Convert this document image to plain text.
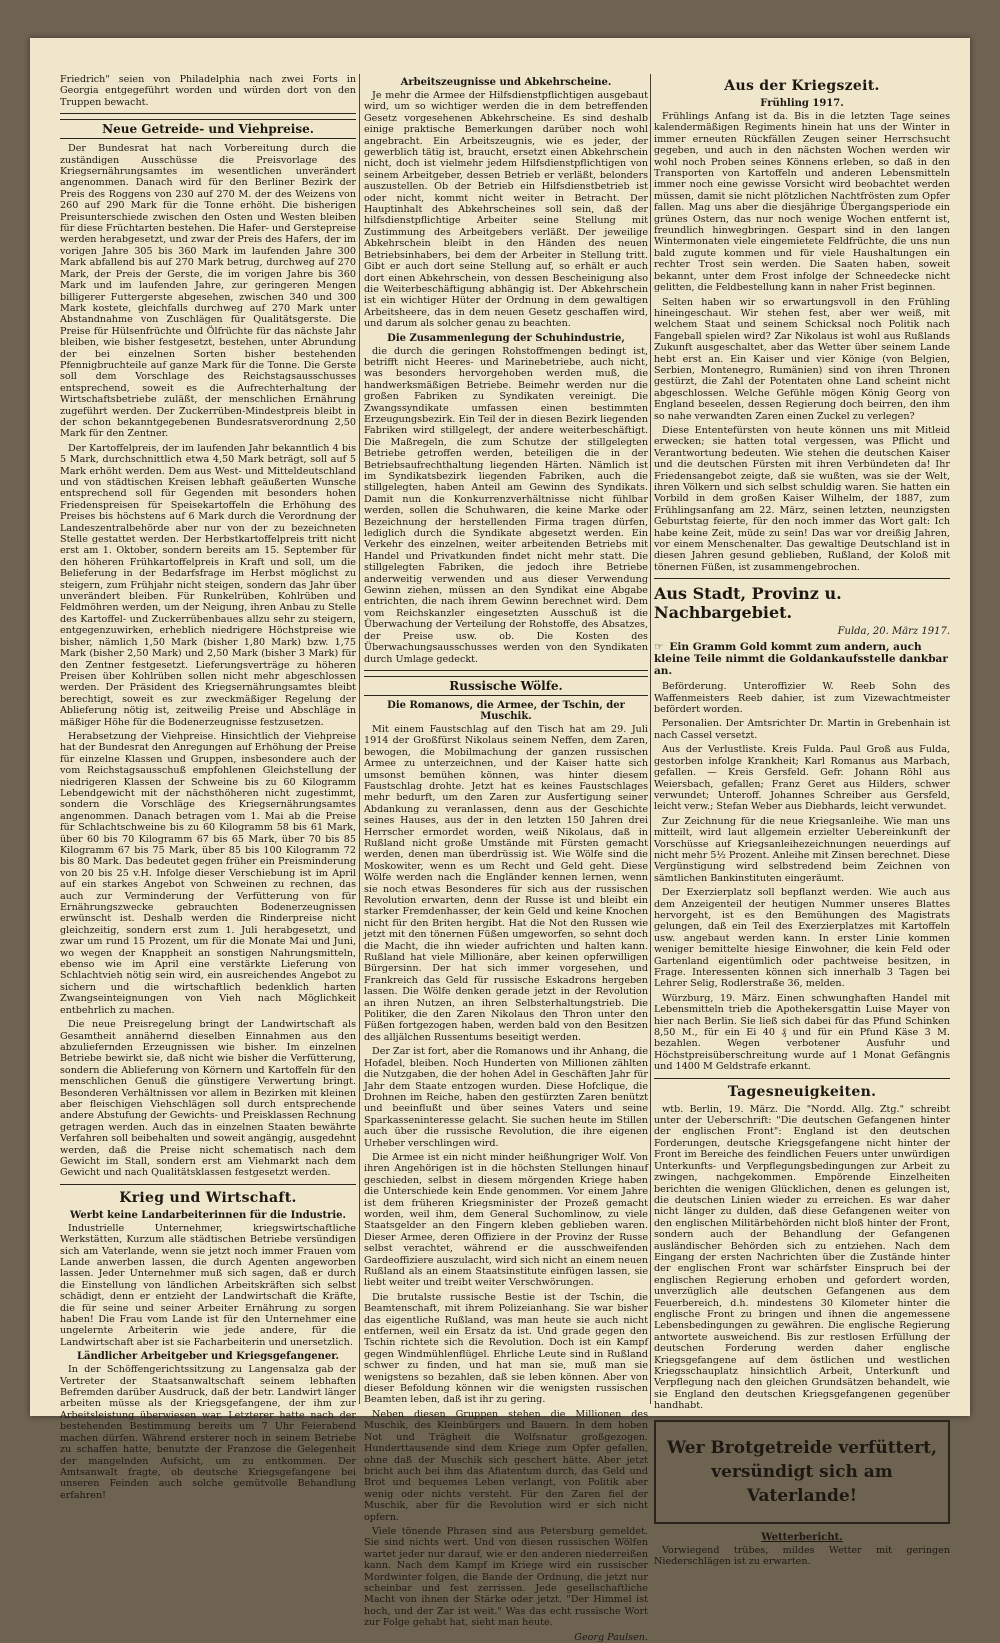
Friedrich" seien von Philadelphia nach zwei Forts in Georgia entgegeführt worden und würden dort von den Truppen bewacht.

Neue Getreide- und Viehpreise.

Der Bundesrat hat nach Vorbereitung durch die zuständigen Ausschüsse die Preisvorlage des Kriegsernährungsamtes im wesentlichen unverändert angenommen. Danach wird für den Berliner Bezirk der Preis des Roggens von 230 auf 270 M. der des Weizens von 260 auf 290 Mark für die Tonne erhöht. Die bisherigen Preisunterschiede zwischen den Osten und Westen bleiben für diese Früchtarten bestehen. Die Hafer- und Gerstepreise werden herabgesetzt, und zwar der Preis des Hafers, der im vorigen Jahre 305 bis 360 Mark im laufenden Jahre 300 Mark abfallend bis auf 270 Mark betrug, durchweg auf 270 Mark, der Preis der Gerste, die im vorigen Jahre bis 360 Mark und im laufenden Jahre, zur geringeren Mengen billigerer Futtergerste abgesehen, zwischen 340 und 300 Mark kostete, gleichfalls durchweg auf 270 Mark unter Abstandnahme von Zuschlägen für Qualitätsgerste. Die Preise für Hülsenfrüchte und Ölfrüchte für das nächste Jahr bleiben, wie bisher festgesetzt, bestehen, unter Abrundung der bei einzelnen Sorten bisher bestehenden Pfennigbruchteile auf ganze Mark für die Tonne. Die Gerste soll dem Vorschlage des Reichstagsausschusses entsprechend, soweit es die Aufrechterhaltung der Wirtschaftsbetriebe zuläßt, der menschlichen Ernährung zugeführt werden. Der Zuckerrüben-Mindestpreis bleibt in der schon bekanntgegebenen Bundesratsverordnung 2,50 Mark für den Zentner.

Der Kartoffelpreis, der im laufenden Jahr bekanntlich 4 bis 5 Mark, durchschnittlich etwa 4,50 Mark beträgt, soll auf 5 Mark erhöht werden. Dem aus West- und Mitteldeutschland und von städtischen Kreisen lebhaft geäußerten Wunsche entsprechend soll für Gegenden mit besonders hohen Friedenspreisen für Speisekartoffeln die Erhöhung des Preises bis höchstens auf 6 Mark durch die Verordnung der Landeszentralbehörde aber nur von der zu bezeichneten Stelle gestattet werden. Der Herbstkartoffelpreis tritt nicht erst am 1. Oktober, sondern bereits am 15. September für den höheren Frühkartoffelpreis in Kraft und soll, um die Belieferung in der Bedarfsfrage im Herbst möglichst zu steigern, zum Frühjahr nicht steigen, sondern das Jahr über unverändert bleiben. Für Runkelrüben, Kohlrüben und Feldmöhren werden, um der Neigung, ihren Anbau zu Stelle des Kartoffel- und Zuckerrübenbaues allzu sehr zu steigern, entgegenzuwirken, erheblich niedrigere Höchstpreise wie bisher, nämlich 1,50 Mark (bisher 1,80 Mark) bzw. 1,75 Mark (bisher 2,50 Mark) und 2,50 Mark (bisher 3 Mark) für den Zentner festgesetzt. Lieferungsverträge zu höheren Preisen über Kohlrüben sollen nicht mehr abgeschlossen werden. Der Präsident des Kriegsernährungsamtes bleibt berechtigt, soweit es zur zweckmäßiger Regelung der Ablieferung nötig ist, zeitweilig Preise und Abschläge in mäßiger Höhe für die Bodenerzeugnisse festzusetzen.

Herabsetzung der Viehpreise. Hinsichtlich der Viehpreise hat der Bundesrat den Anregungen auf Erhöhung der Preise für einzelne Klassen und Gruppen, insbesondere auch der vom Reichstagsausschuß empfohlenen Gleichstellung der niedrigeren Klassen der Schweine bis zu 60 Kilogramm Lebendgewicht mit der nächsthöheren nicht zugestimmt, sondern die Vorschläge des Kriegsernährungsamtes angenommen. Danach betragen vom 1. Mai ab die Preise für Schlachtschweine bis zu 60 Kilogramm 58 bis 61 Mark, über 60 bis 70 Kilogramm 67 bis 65 Mark, über 70 bis 85 Kilogramm 67 bis 75 Mark, über 85 bis 100 Kilogramm 72 bis 80 Mark. Das bedeutet gegen früher ein Preisminderung von 20 bis 25 v.H. Infolge dieser Verschiebung ist im April auf ein starkes Angebot von Schweinen zu rechnen, das auch zur Verminderung der Verfütterung von für Ernährungszwecke gebrauchten Bodenerzeugnissen erwünscht ist. Deshalb werden die Rinderpreise nicht gleichzeitig, sondern erst zum 1. Juli herabgesetzt, und zwar um rund 15 Prozent, um für die Monate Mai und Juni, wo wegen der Knappheit an sonstigen Nahrungsmitteln, ebenso wie im April eine verstärkte Lieferung von Schlachtvieh nötig sein wird, ein ausreichendes Angebot zu sichern und die wirtschaftlich bedenklich harten Zwangseinteignungen von Vieh nach Möglichkeit entbehrlich zu machen.

Die neue Preisregelung bringt der Landwirtschaft als Gesamtheit annähernd dieselben Einnahmen aus den abzuliefernden Erzeugnissen wie bisher. Im einzelnen Betriebe bewirkt sie, daß nicht wie bisher die Verfütterung, sondern die Ablieferung von Körnern und Kartoffeln für den menschlichen Genuß die günstigere Verwertung bringt. Besonderen Verhältnissen vor allem in Bezirken mit kleinen aber fleischigen Viehschlägen soll durch entsprechende andere Abstufung der Gewichts- und Preisklassen Rechnung getragen werden. Auch das in einzelnen Staaten bewährte Verfahren soll beibehalten und soweit angängig, ausgedehnt werden, daß die Preise nicht schematisch nach dem Gewicht im Stall, sondern erst am Viehmarkt nach dem Gewicht und nach Qualitätsklassen festgesetzt werden.

Krieg und Wirtschaft.
Werbt keine Landarbeiterinnen für die Industrie.

Industrielle Unternehmer, kriegswirtschaftliche Werkstätten, Kurzum alle städtischen Betriebe versündigen sich am Vaterlande, wenn sie jetzt noch immer Frauen vom Lande anwerben lassen, die durch Agenten angeworben lassen. Jeder Unternehmer muß sich sagen, daß er durch die Einstellung von ländlichen Arbeitskräften sich selbst schädigt, denn er entzieht der Landwirtschaft die Kräfte, die für seine und seiner Arbeiter Ernährung zu sorgen haben! Die Frau vom Lande ist für den Unternehmer eine ungelernte Arbeiterin wie jede andere, für die Landwirtschaft aber ist sie Facharbeiterin und unersetzlich.

Ländlicher Arbeitgeber und Kriegsgefangener.

In der Schöffengerichtssitzung zu Langensalza gab der Vertreter der Staatsanwaltschaft seinem lebhaften Befremden darüber Ausdruck, daß der betr. Landwirt länger arbeiten müsse als der Kriegsgefangene, der ihm zur Arbeitsleistung überwiesen war. Letzterer hatte nach der bestehenden Bestimmung bereits um 7 Uhr Feierabend machen dürfen. Während ersterer noch in seinem Betriebe zu schaffen hatte, benutzte der Franzose die Gelegenheit der mangelnden Aufsicht, um zu entkommen. Der Amtsanwalt fragte, ob deutsche Kriegsgefangene bei unseren Feinden auch solche gemütvolle Behandlung erfahren!

Arbeitszeugnisse und Abkehrscheine.

Je mehr die Armee der Hilfsdienstpflichtigen ausgebaut wird, um so wichtiger werden die in dem betreffenden Gesetz vorgesehenen Abkehrscheine. Es sind deshalb einige praktische Bemerkungen darüber noch wohl angebracht. Ein Arbeitszeugnis, wie es jeder, der gewerblich tätig ist, braucht, ersetzt einen Abkehrschein nicht, doch ist vielmehr jedem Hilfsdienstpflichtigen von seinem Arbeitgeber, dessen Betrieb er verläßt, belonders auszustellen. Ob der Betrieb ein Hilfsdienstbetrieb ist oder nicht, kommt nicht weiter in Betracht. Der Hauptinhalt des Abkehrscheines soll sein, daß der hilfsdienstpflichtige Arbeiter seine Stellung mit Zustimmung des Arbeitgebers verläßt. Der jeweilige Abkehrschein bleibt in den Händen des neuen Betriebsinhabers, bei dem der Arbeiter in Stellung tritt. Gibt er auch dort seine Stellung auf, so erhält er auch dort einen Abkehrschein, von dessen Bescheinigung also die Weiterbeschäftigung abhängig ist. Der Abkehrschein ist ein wichtiger Hüter der Ordnung in dem gewaltigen Arbeitsheere, das in dem neuen Gesetz geschaffen wird, und darum als solcher genau zu beachten.

Die Zusammenlegung der Schuhindustrie,

die durch die geringen Rohstoffmengen bedingt ist, betrifft nicht Heeres- und Marinebetriebe, auch nicht, was besonders hervorgehoben werden muß, die handwerksmäßigen Betriebe. Beimehr werden nur die großen Fabriken zu Syndikaten vereinigt. Die Zwangssyndikate umfassen einen bestimmten Erzeugungsbezirk. Ein Teil der in diesen Bezirk liegenden Fabriken wird stillgelegt, der andere weiterbeschäftigt. Die Maßregeln, die zum Schutze der stillgelegten Betriebe getroffen werden, beteiligen die in der Betriebsaufrechthaltung liegenden Härten. Nämlich ist im Syndikatsbezirk liegenden Fabriken, auch die stillgelegten, haben Anteil am Gewinn des Syndikats. Damit nun die Konkurrenzverhältnisse nicht fühlbar werden, sollen die Schuhwaren, die keine Marke oder Bezeichnung der herstellenden Firma tragen dürfen, lediglich durch die Syndikate abgesetzt werden. Ein Verkehr des einzelnen, weiter arbeitenden Betriebs mit Handel und Privatkunden findet nicht mehr statt. Die stillgelegten Fabriken, die jedoch ihre Betriebe anderweitig verwenden und aus dieser Verwendung Gewinn ziehen, müssen an den Syndikat eine Abgabe entrichten, die nach ihrem Gewinn berechnet wird. Dem vom Reichskanzler eingesetzten Ausschuß ist die Überwachung der Verteilung der Rohstoffe, des Absatzes, der Preise usw. ob. Die Kosten des Überwachungsausschusses werden von den Syndikaten durch Umlage gedeckt.

Russische Wölfe.
Die Romanows, die Armee, der Tschin, der Muschik.

Mit einem Faustschlag auf den Tisch hat am 29. Juli 1914 der Großfürst Nikolaus seinem Neffen, dem Zaren, bewogen, die Mobilmachung der ganzen russischen Armee zu unterzeichnen, und der Kaiser hatte sich umsonst bemühen können, was hinter diesem Faustschlag drohte. Jetzt hat es keines Faustschlages mehr bedurft, um den Zaren zur Ausfertigung seiner Abdankung zu veranlassen, denn aus der Geschichte seines Hauses, aus der in den letzten 150 Jahren drei Herrscher ermordet worden, weiß Nikolaus, daß in Rußland nicht große Umstände mit Fürsten gemacht werden, denen man überdrüssig ist. Wie Wölfe sind die Moskowiter, wenn es um Recht und Geld geht. Diese Wölfe werden nach die Engländer kennen lernen, wenn sie noch etwas Besonderes für sich aus der russischen Revolution erwarten, denn der Russe ist und bleibt ein starker Fremdenhasser, der kein Geld und keine Knochen nicht für den Briten hergibt. Hat die Not den Russen wie jetzt mit den tönernen Füßen umgeworfen, so sehnt doch die Macht, die ihn wieder aufrichten und halten kann. Rußland hat viele Millionäre, aber keinen opferwilligen Bürgersinn. Der hat sich immer vorgesehen, und Frankreich das Geld für russische Eskadrons hergeben lassen. Die Wölfe denken gerade jetzt in der Revolution an ihren Nutzen, an ihren Selbsterhaltungstrieb. Die Politiker, die den Zaren Nikolaus den Thron unter den Füßen fortgezogen haben, werden bald von den Besitzen des alljälchen Russentums beseitigt werden.

Der Zar ist fort, aber die Romanows und ihr Anhang, die Hofadel, bleiben. Noch Hunderten von Millionen zählten die Nutzgaben, die der hohen Adel in Geschäften Jahr für Jahr dem Staate entzogen wurden. Diese Hofclique, die Drohnen im Reiche, haben den gestürzten Zaren benützt und beeinflußt und über seines Vaters und seine Sparkasseninteresse gelacht. Sie suchen heute im Stillen auch über die russische Revolution, die ihre eigenen Urheber verschlingen wird.

Die Armee ist ein nicht minder heißhungriger Wolf. Von ihren Angehörigen ist in die höchsten Stellungen hinauf geschieden, selbst in diesem mörgenden Kriege haben die Unterschiede kein Ende genommen. Vor einem Jahre ist dem früheren Kriegsminister der Prozeß gemacht worden, weil ihm, dem General Suchomlinow, zu viele Staatsgelder an den Fingern kleben geblieben waren. Dieser Armee, deren Offiziere in der Provinz der Russe selbst verachtet, während er die ausschweifenden Gardeoffiziere auszulacht, wird sich nicht an einem neuen Rußland als an einem Staatsinstitute einfügen lassen, sie liebt weiter und treibt weiter Verschwörungen.

Die brutalste russische Bestie ist der Tschin, die Beamtenschaft, mit ihrem Polizeianhang. Sie war bisher das eigentliche Rußland, was man heute sie auch nicht entfernen, weil ein Ersatz da ist. Und grade gegen den Tschin richtete sich die Revolution. Doch ist ein Kampf gegen Windmühlenflügel. Ehrliche Leute sind in Rußland schwer zu finden, und hat man sie, muß man sie wenigstens so bezahlen, daß sie leben können. Aber von dieser Befoldung können wir die wenigsten russischen Beamten leben, daß ist ihr zu gering.

Neben diesen Gruppen stehen die Millionen des Muschik, des Kleinbürgers und Bauern. In dem hoben Not und Trägheit die Wolfsnatur großgezogen. Hunderttausende sind dem Kriege zum Opfer gefallen, ohne daß der Muschik sich geschert hätte. Aber jetzt bricht auch bei ihm das Afiatentum durch, das Geld und Brot und bequemes Leben verlangt, von Politik aber wenig oder nichts versteht. Für den Zaren fiel der Muschik, aber für die Revolution wird er sich nicht opfern.

Viele tönende Phrasen sind aus Petersburg gemeldet. Sie sind nichts wert. Und von diesen russischen Wölfen wartet jeder nur darauf, wie er den anderen niederreißen kann. Nach dem Kampf im Kriege wird ein russischer Mordwinter folgen, die Bande der Ordnung, die jetzt nur scheinbar und fest zerrissen. Jede gesellschaftliche Macht von ihnen der Stärke oder jetzt. "Der Himmel ist hoch, und der Zar ist weit." Was das echt russische Wort zur Folge gehabt hat, sieht man heute.

Georg Paulsen.
Aus der Kriegszeit.
Frühling 1917.

Frühlings Anfang ist da. Bis in die letzten Tage seines kalendermäßigen Regiments hinein hat uns der Winter in immer erneuten Rückfällen Zeugen seiner Herrschsucht gegeben, und auch in den nächsten Wochen werden wir wohl noch Proben seines Könnens erleben, so daß in den Transporten von Kartoffeln und anderen Lebensmitteln immer noch eine gewisse Vorsicht wird beobachtet werden müssen, damit sie nicht plötzlichen Nachtfrösten zum Opfer fallen. Mag uns aber die diesjährige Übergangsperiode ein grünes Ostern, das nur noch wenige Wochen entfernt ist, freundlich hinwegbringen. Gespart sind in den langen Wintermonaten viele eingemietete Feldfrüchte, die uns nun bald zugute kommen und für viele Haushaltungen ein rechter Trost sein werden. Die Saaten haben, soweit bekannt, unter dem Frost infolge der Schneedecke nicht gelitten, die Feldbestellung kann in naher Frist beginnen.

Selten haben wir so erwartungsvoll in den Frühling hineingeschaut. Wir stehen fest, aber wer weiß, mit welchem Staat und seinem Schicksal noch Politik nach Fangeball spielen wird? Zar Nikolaus ist wohl aus Rußlands Zukunft ausgeschaltet, aber das Wetter über seinem Lande hebt erst an. Ein Kaiser und vier Könige (von Belgien, Serbien, Montenegro, Rumänien) sind von ihren Thronen gestürzt, die Zahl der Potentaten ohne Land scheint nicht abgeschlossen. Welche Gefühle mögen König Georg von England beseelen, dessen Regierung doch beirren, den ihm so nahe verwandten Zaren einen Zuckel zu verlegen?

Diese Ententefürsten von heute können uns mit Mitleid erwecken; sie hatten total vergessen, was Pflicht und Verantwortung bedeuten. Wie stehen die deutschen Kaiser und die deutschen Fürsten mit ihren Verbündeten da! Ihr Friedensangebot zeigte, daß sie wußten, was sie der Welt, ihren Völkern und sich selbst schuldig waren. Sie hatten ein Vorbild in dem großen Kaiser Wilhelm, der 1887, zum Frühlingsanfang am 22. März, seinen letzten, neunzigsten Geburtstag feierte, für den noch immer das Wort galt: Ich habe keine Zeit, müde zu sein! Das war vor dreißig Jahren, vor einem Menschenalter. Das gewaltige Deutschland ist in diesen Jahren gesund geblieben, Rußland, der Koloß mit tönernen Füßen, ist zusammengebrochen.

Aus Stadt, Provinz u. Nachbargebiet.
Fulda, 20. März 1917.
☞ Ein Gramm Gold kommt zum andern, auch kleine Teile nimmt die Goldankaufsstelle dankbar an.

Beförderung. Unteroffizier W. Reeb Sohn des Waffenmeisters Reeb dahier, ist zum Vizewachtmeister befördert worden.

Personalien. Der Amtsrichter Dr. Martin in Grebenhain ist nach Cassel versetzt.

Aus der Verlustliste. Kreis Fulda. Paul Groß aus Fulda, gestorben infolge Krankheit; Karl Romanus aus Marbach, gefallen. — Kreis Gersfeld. Gefr. Johann Röhl aus Weiersbach, gefallen; Franz Geret aus Hilders, schwer verwundet; Unteroff. Johannes Schreiber aus Gersfeld, leicht verw.; Stefan Weber aus Diebhards, leicht verwundet.

Zur Zeichnung für die neue Kriegsanleihe. Wie man uns mitteilt, wird laut allgemein erzielter Uebereinkunft der Vorschüsse auf Kriegsanleihezeichnungen neuerdings auf nicht mehr 5½ Prozent. Anleihe mit Zinsen berechnet. Diese Vergünstigung wird selbstredend beim Zeichnen von sämtlichen Bankinstituten eingeräumt.

Der Exerzierplatz soll bepflanzt werden. Wie auch aus dem Anzeigenteil der heutigen Nummer unseres Blattes hervorgeht, ist es den Bemühungen des Magistrats gelungen, daß ein Teil des Exerzierplatzes mit Kartoffeln usw. angebaut werden kann. In erster Linie kommen weniger bemittelte hiesige Einwohner, die kein Feld oder Gartenland eigentümlich oder pachtweise besitzen, in Frage. Interessenten können sich innerhalb 3 Tagen bei Lehrer Selig, Rodlerstraße 36, melden.

Würzburg, 19. März. Einen schwunghaften Handel mit Lebensmitteln trieb die Apothekersgattin Luise Mayer von hier nach Berlin. Sie ließ sich dabei für das Pfund Schinken 8,50 M., für ein Ei 40 ₰ und für ein Pfund Käse 3 M. bezahlen. Wegen verbotener Ausfuhr und Höchstpreisüberschreitung wurde auf 1 Monat Gefängnis und 1400 M Geldstrafe erkannt.

Tagesneuigkeiten.

wtb. Berlin, 19. März. Die "Nordd. Allg. Ztg." schreibt unter der Ueberschrift: "Die deutschen Gefangenen hinter der englischen Front": England ist den deutschen Forderungen, deutsche Kriegsgefangene nicht hinter der Front im Bereiche des feindlichen Feuers unter unwürdigen Unterkunfts- und Verpflegungsbedingungen zur Arbeit zu zwingen, nachgekommen. Empörende Einzelheiten berichten die wenigen Glücklichen, denen es gelungen ist, die deutschen Linien wieder zu erreichen. Es war daher nicht länger zu dulden, daß diese Gefangenen weiter von den englischen Militärbehörden nicht bloß hinter der Front, sondern auch der Behandlung der Gefangenen ausländischer Behörden sich zu entziehen. Nach dem Eingang der ersten Nachrichten über die Zustände hinter der englischen Front war schärfster Einspruch bei der englischen Regierung erhoben und gefordert worden, unverzüglich alle deutschen Gefangenen aus dem Feuerbereich, d.h. mindestens 30 Kilometer hinter die englische Front zu bringen und ihnen die angemessene Lebensbedingungen zu gewähren. Die englische Regierung antwortete ausweichend. Bis zur restlosen Erfüllung der deutschen Forderung werden daher englische Kriegsgefangene auf dem östlichen und westlichen Kriegsschauplatz hinsichtlich Arbeit, Unterkunft und Verpflegung nach den gleichen Grundsätzen behandelt, wie sie England den deutschen Kriegsgefangenen gegenüber handhabt.

Wer Brotgetreide verfüttert,
versündigt sich am Vaterlande!
Wetterbericht.

Vorwiegend trübes, mildes Wetter mit geringen Niederschlägen ist zu erwarten.
